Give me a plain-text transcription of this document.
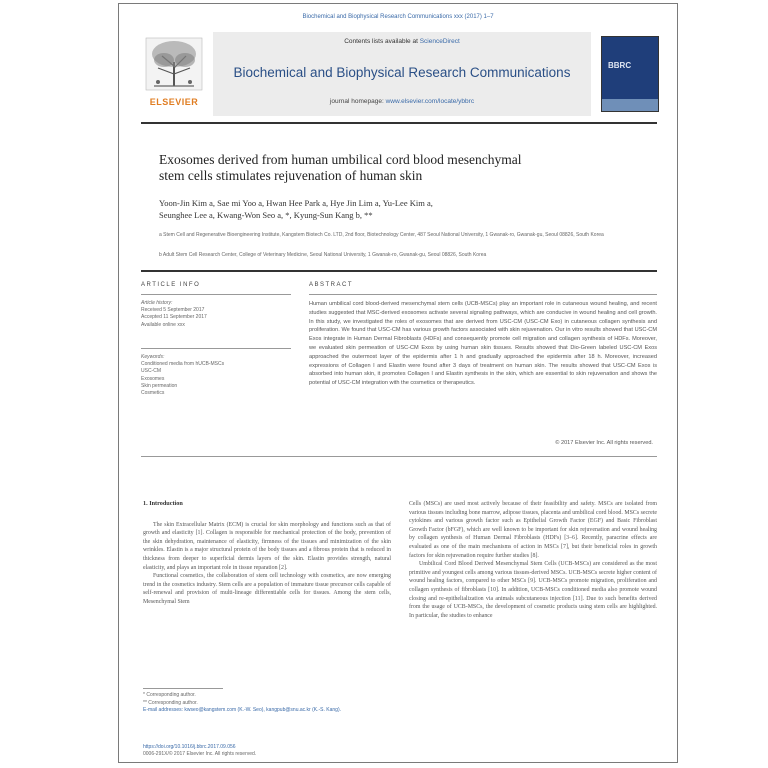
Biochemical and Biophysical Research Communications xxx (2017) 1–7
ELSEVIER
Contents lists available at ScienceDirect
Biochemical and Biophysical Research Communications
journal homepage: www.elsevier.com/locate/ybbrc
BBRC
Exosomes derived from human umbilical cord blood mesenchymal
stem cells stimulates rejuvenation of human skin
Yoon-Jin Kim a, Sae mi Yoo a, Hwan Hee Park a, Hye Jin Lim a, Yu-Lee Kim a,
Seunghee Lee a, Kwang-Won Seo a, *, Kyung-Sun Kang b, **
a Stem Cell and Regenerative Bioengineering Institute, Kangstem Biotech Co. LTD, 2nd floor, Biotechnology Center, 487 Seoul National University, 1 Gwanak-ro, Gwanak-gu, Seoul 08826, South Korea
b Adult Stem Cell Research Center, College of Veterinary Medicine, Seoul National University, 1 Gwanak-ro, Gwanak-gu, Seoul 08826, South Korea
ARTICLE INFO
Article history:
Received 5 September 2017
Accepted 11 September 2017
Available online xxx
Keywords:
Conditioned media from hUCB-MSCs
USC-CM
Exosomes
Skin permeation
Cosmetics
ABSTRACT
Human umbilical cord blood-derived mesenchymal stem cells (UCB-MSCs) play an important role in cutaneous wound healing, and recent studies suggested that MSC-derived exosomes activate several signaling pathways, which are conducive in wound healing and cell growth. In this study, we investigated the roles of exosomes that are derived from USC-CM (USC-CM Exo) in cutaneous collagen synthesis and proliferation. We found that USC-CM has various growth factors associated with skin rejuvenation. Our in vitro results showed that USC-CM Exos integrate in Human Dermal Fibroblasts (HDFs) and consequently promote cell migration and collagen synthesis of HDFs. Moreover, we evaluated skin permeation of USC-CM Exos by using human skin tissues. Results showed that Dio-Green labeled USC-CM Exos approached the outermost layer of the epidermis after 1 h and gradually approached the epidermis after 18 h. Moreover, increased expressions of Collagen I and Elastin were found after 3 days of treatment on human skin. The results showed that USC-CM Exos is absorbed into human skin, it promotes Collagen I and Elastin synthesis in the skin, which are essential to skin rejuvenation and shows the potential of USC-CM integration with the cosmetics or therapeutics.
© 2017 Elsevier Inc. All rights reserved.

1. Introduction

The skin Extracellular Matrix (ECM) is crucial for skin morphology and functions such as that of growth and elasticity [1]. Collagen is responsible for mechanical protection of the body, prevention of the skin dehydration, maintenance of elasticity, firmness of the tissues and minimization of the skin wrinkles. Elastin is a major structural protein of the body tissues and a fibrous protein that is reduced in thickness from deeper to superficial dermis layers of the skin. Elastin provides strength, natural elasticity, and plays an important role in tissue reparation [2].

Functional cosmetics, the collaboration of stem cell technology with cosmetics, are now emerging trend in the cosmetics industry. Stem cells are a population of immature tissue precursor cells capable of self-renewal and provision of multi-lineage differentiable cells for tissues. Among the stem cells, Mesenchymal Stem

Cells (MSCs) are used most actively because of their feasibility and safety. MSCs are isolated from various tissues including bone marrow, adipose tissues, placenta and umbilical cord blood. MSCs secrete cytokines and various growth factor such as Epithelial Growth Factor (EGF) and Basic Fibroblast Growth Factor (bFGF), which are well known to be important for skin rejuvenation and wound healing by collagen synthesis of Human Dermal Fibroblasts (HDFs) [3–6]. Recently, paracrine effects are evaluated as one of the main mechanisms of action in MSCs [7], but their beneficial roles in growth factors for skin rejuvenation require further studies [8].

Umbilical Cord Blood Derived Mesenchymal Stem Cells (UCB-MSCs) are considered as the most primitive and youngest cells among various tissues-derived MSCs. UCB-MSCs secrete higher content of wound healing factors, compared to other MSCs [9]. UCB-MSCs promote migration, proliferation and collagen synthesis of fibroblasts [10]. In addition, UCB-MSCs conditioned media also promote wound closing and re-epithelialization via animals subcutaneous injection [11]. Due to such benefits derived from the usage of UCB-MSCs, the development of cosmetic products using stem cells are highlighted. In particular, the studies to enhance

* Corresponding author.
** Corresponding author.
E-mail addresses: kwseo@kangstem.com (K.-W. Seo), kangpub@snu.ac.kr (K.-S. Kang).
https://doi.org/10.1016/j.bbrc.2017.09.056
0006-291X/© 2017 Elsevier Inc. All rights reserved.
